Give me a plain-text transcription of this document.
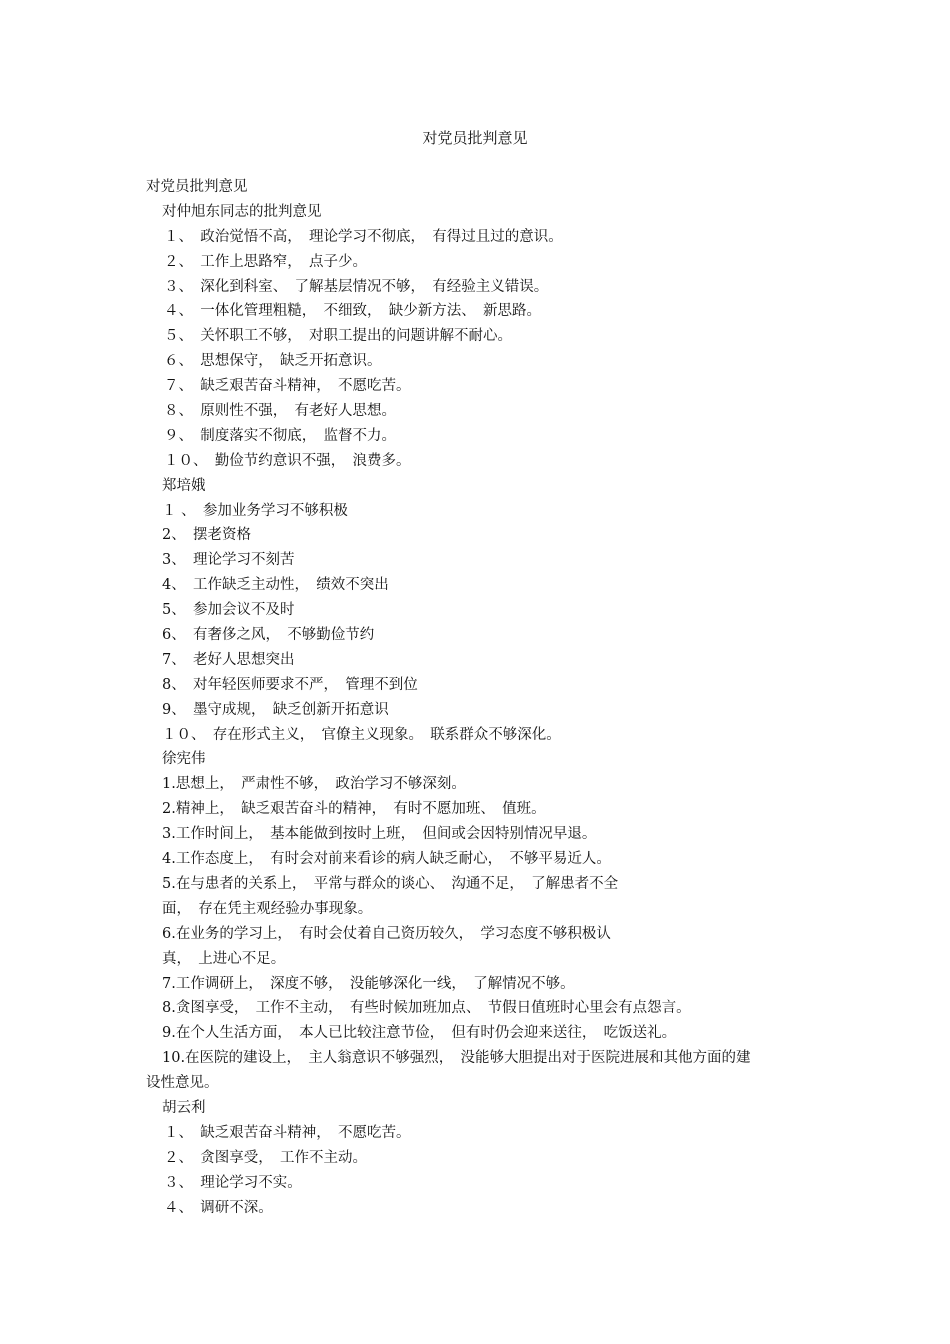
对党员批判意见
对党员批判意见
对仲旭东同志的批判意见
１、　政治觉悟不高，　理论学习不彻底，　有得过且过的意识。
２、　工作上思路窄，　点子少。
３、　深化到科室、　了解基层情况不够，　有经验主义错误。
４、　一体化管理粗糙，　不细致，　缺少新方法、　新思路。
５、　关怀职工不够，　对职工提出的问题讲解不耐心。
６、　思想保守，　缺乏开拓意识。
７、　缺乏艰苦奋斗精神，　不愿吃苦。
８、　原则性不强，　有老好人思想。
９、　制度落实不彻底，　监督不力。
１０、　勤俭节约意识不强，　浪费多。
郑培娥
１ 、　参加业务学习不够积极
2、　摆老资格
3、　理论学习不刻苦
4、　工作缺乏主动性，　绩效不突出
5、　参加会议不及时
6、　有奢侈之风，　不够勤俭节约
7、　老好人思想突出
8、　对年轻医师要求不严，　管理不到位
9、　墨守成规，　缺乏创新开拓意识
１０、　存在形式主义，　官僚主义现象。　联系群众不够深化。
徐宪伟
1.思想上，　严肃性不够，　政治学习不够深刻。
2.精神上，　缺乏艰苦奋斗的精神，　有时不愿加班、　值班。
3.工作时间上，　基本能做到按时上班，　但间或会因特别情况早退。
4.工作态度上，　有时会对前来看诊的病人缺乏耐心，　不够平易近人。
5.在与患者的关系上，　平常与群众的谈心、　沟通不足，　了解患者不全
面，　存在凭主观经验办事现象。
6.在业务的学习上，　有时会仗着自己资历较久，　学习态度不够积极认
真，　上进心不足。
7.工作调研上，　深度不够，　没能够深化一线，　了解情况不够。
8.贪图享受，　工作不主动，　有些时候加班加点、　节假日值班时心里会有点怨言。
9.在个人生活方面，　本人已比较注意节俭，　但有时仍会迎来送往，　吃饭送礼。
10.在医院的建设上，　主人翁意识不够强烈，　没能够大胆提出对于医院进展和其他方面的建
设性意见。
胡云利
１、　缺乏艰苦奋斗精神，　不愿吃苦。
２、　贪图享受，　工作不主动。
３、　理论学习不实。
４、　调研不深。
